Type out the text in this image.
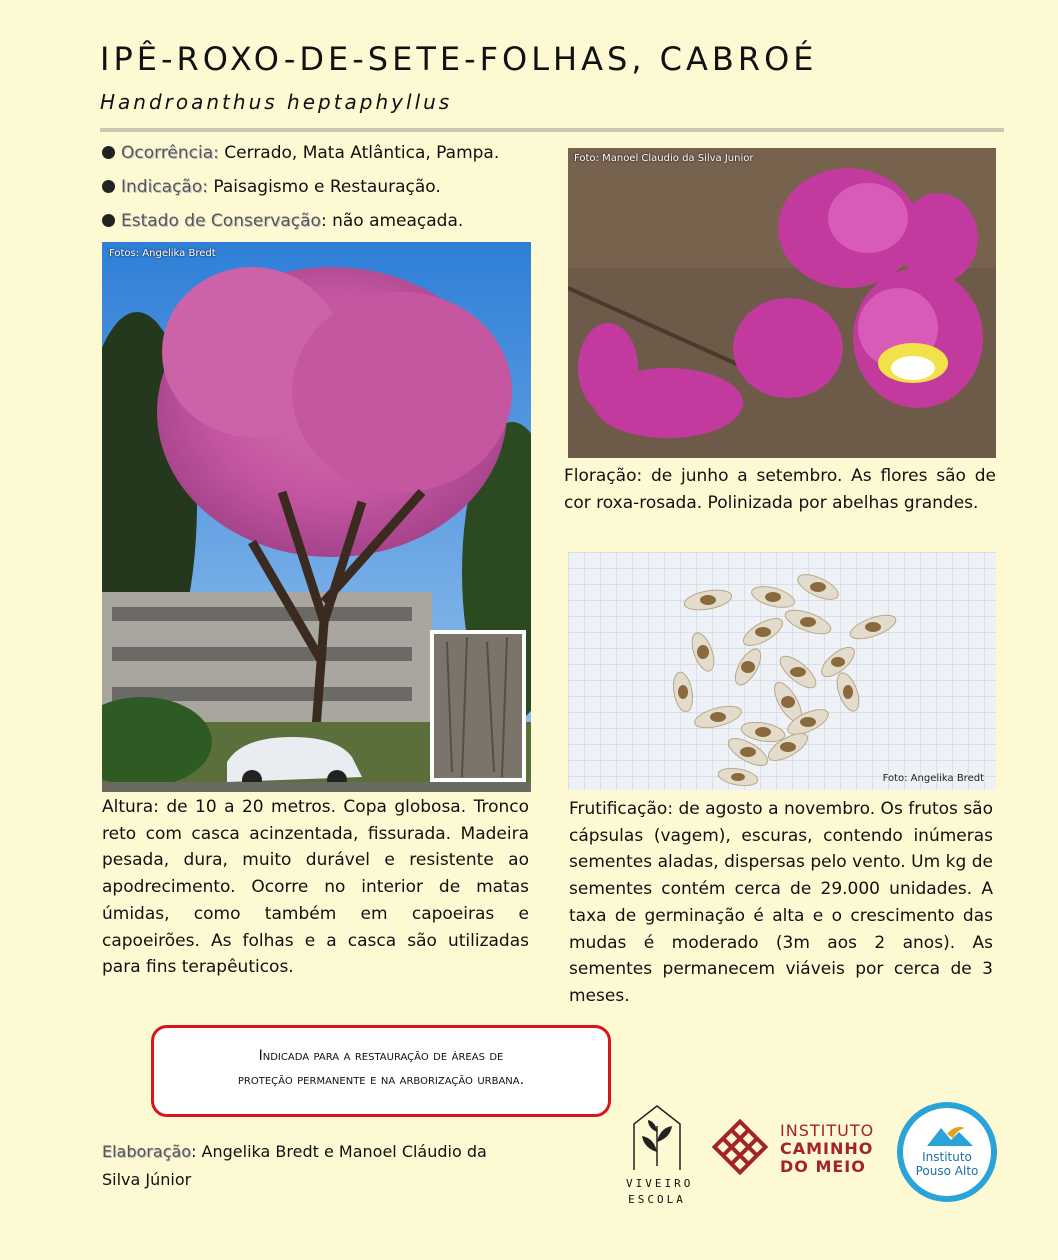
IPÊ-ROXO-DE-SETE-FOLHAS, CABROÉ
Handroanthus heptaphyllus
Ocorrência: Cerrado, Mata Atlântica, Pampa.
Indicação: Paisagismo e Restauração.
Estado de Conservação: não ameaçada.
Fotos: Angelika Bredt
Foto: Manoel Claudio da Silva Junior
Floração: de junho a setembro. As flores são de cor roxa-rosada. Polinizada por abelhas grandes.
Foto: Angelika Bredt
Altura: de 10 a 20 metros. Copa globosa. Tronco reto com casca acinzentada, fissurada. Madeira pesada, dura, muito durável e resistente ao apodrecimento. Ocorre no interior de matas úmidas, como também em capoeiras e capoeirões. As folhas e a casca são utilizadas para fins terapêuticos.
Frutificação: de agosto a novembro. Os frutos são cápsulas (vagem), escuras, contendo inúmeras sementes aladas, dispersas pelo vento. Um kg de sementes contém cerca de 29.000 unidades. A taxa de germinação é alta e o crescimento das mudas é moderado (3m aos 2 anos). As sementes permanecem viáveis por cerca de 3 meses.
Indicada para a restauração de áreas de
proteção permanente e na arborização urbana.
Elaboração: Angelika Bredt e Manoel Cláudio da Silva Júnior	VIVEIRO
ESCOLA
INSTITUTO
CAMINHO
DO MEIO	Instituto
Pouso Alto
